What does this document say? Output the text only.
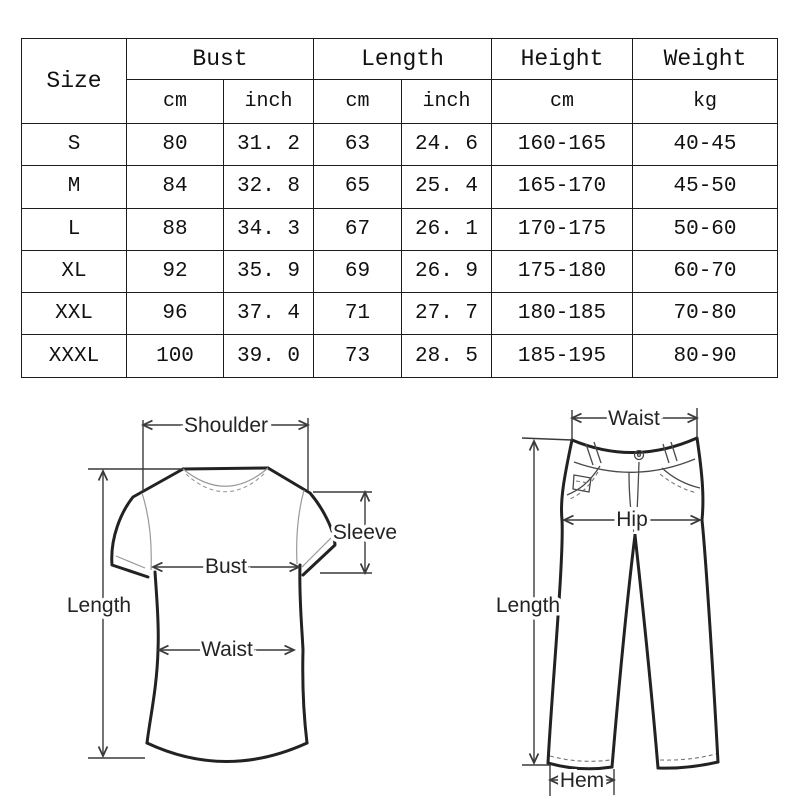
Size	Bust		Length		Height	Weight
	cm	inch	cm	inch	cm	kg
S	80	31. 2	63	24. 6	160-165	40-45
M	84	32. 8	65	25. 4	165-170	45-50
L	88	34. 3	67	26. 1	170-175	50-60
XL	92	35. 9	69	26. 9	175-180	60-70
XXL	96	37. 4	71	27. 7	180-185	70-80
XXXL	100	39. 0	73	28. 5	185-195	80-90
Shoulder
Sleeve
Bust
Waist
Length
Waist
Hip
Length
Hem
